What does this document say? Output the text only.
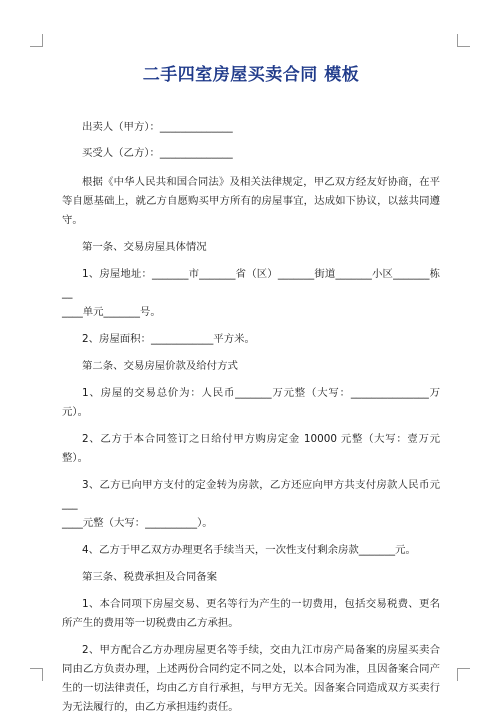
二手四室房屋买卖合同 模板

出卖人（甲方）：______________

买受人（乙方）：______________

根据《中华人民共和国合同法》及相关法律规定，甲乙双方经友好协商，在平等自愿基础上，就乙方自愿购买甲方所有的房屋事宜，达成如下协议，以兹共同遵守。

第一条、交易房屋具体情况

1、房屋地址：_______市_______省（区）_______街道_______小区_______栋__

____单元_______号。

2、房屋面积：____________平方米。

第二条、交易房屋价款及给付方式

1、房屋的交易总价为：人民币_______万元整（大写：_______________万元）。

2、乙方于本合同签订之日给付甲方购房定金 10000 元整（大写：壹万元整）。

3、乙方已向甲方支付的定金转为房款，乙方还应向甲方共支付房款人民币元___

____元整（大写：__________）。

4、乙方于甲乙双方办理更名手续当天，一次性支付剩余房款_______元。

第三条、税费承担及合同备案

1、本合同项下房屋交易、更名等行为产生的一切费用，包括交易税费、更名所产生的费用等一切税费由乙方承担。

2、甲方配合乙方办理房屋更名等手续，交由九江市房产局备案的房屋买卖合同由乙方负责办理，上述两份合同约定不同之处，以本合同为准，且因备案合同产生的一切法律责任，均由乙方自行承担，与甲方无关。因备案合同造成双方买卖行为无法履行的，由乙方承担违约责任。
